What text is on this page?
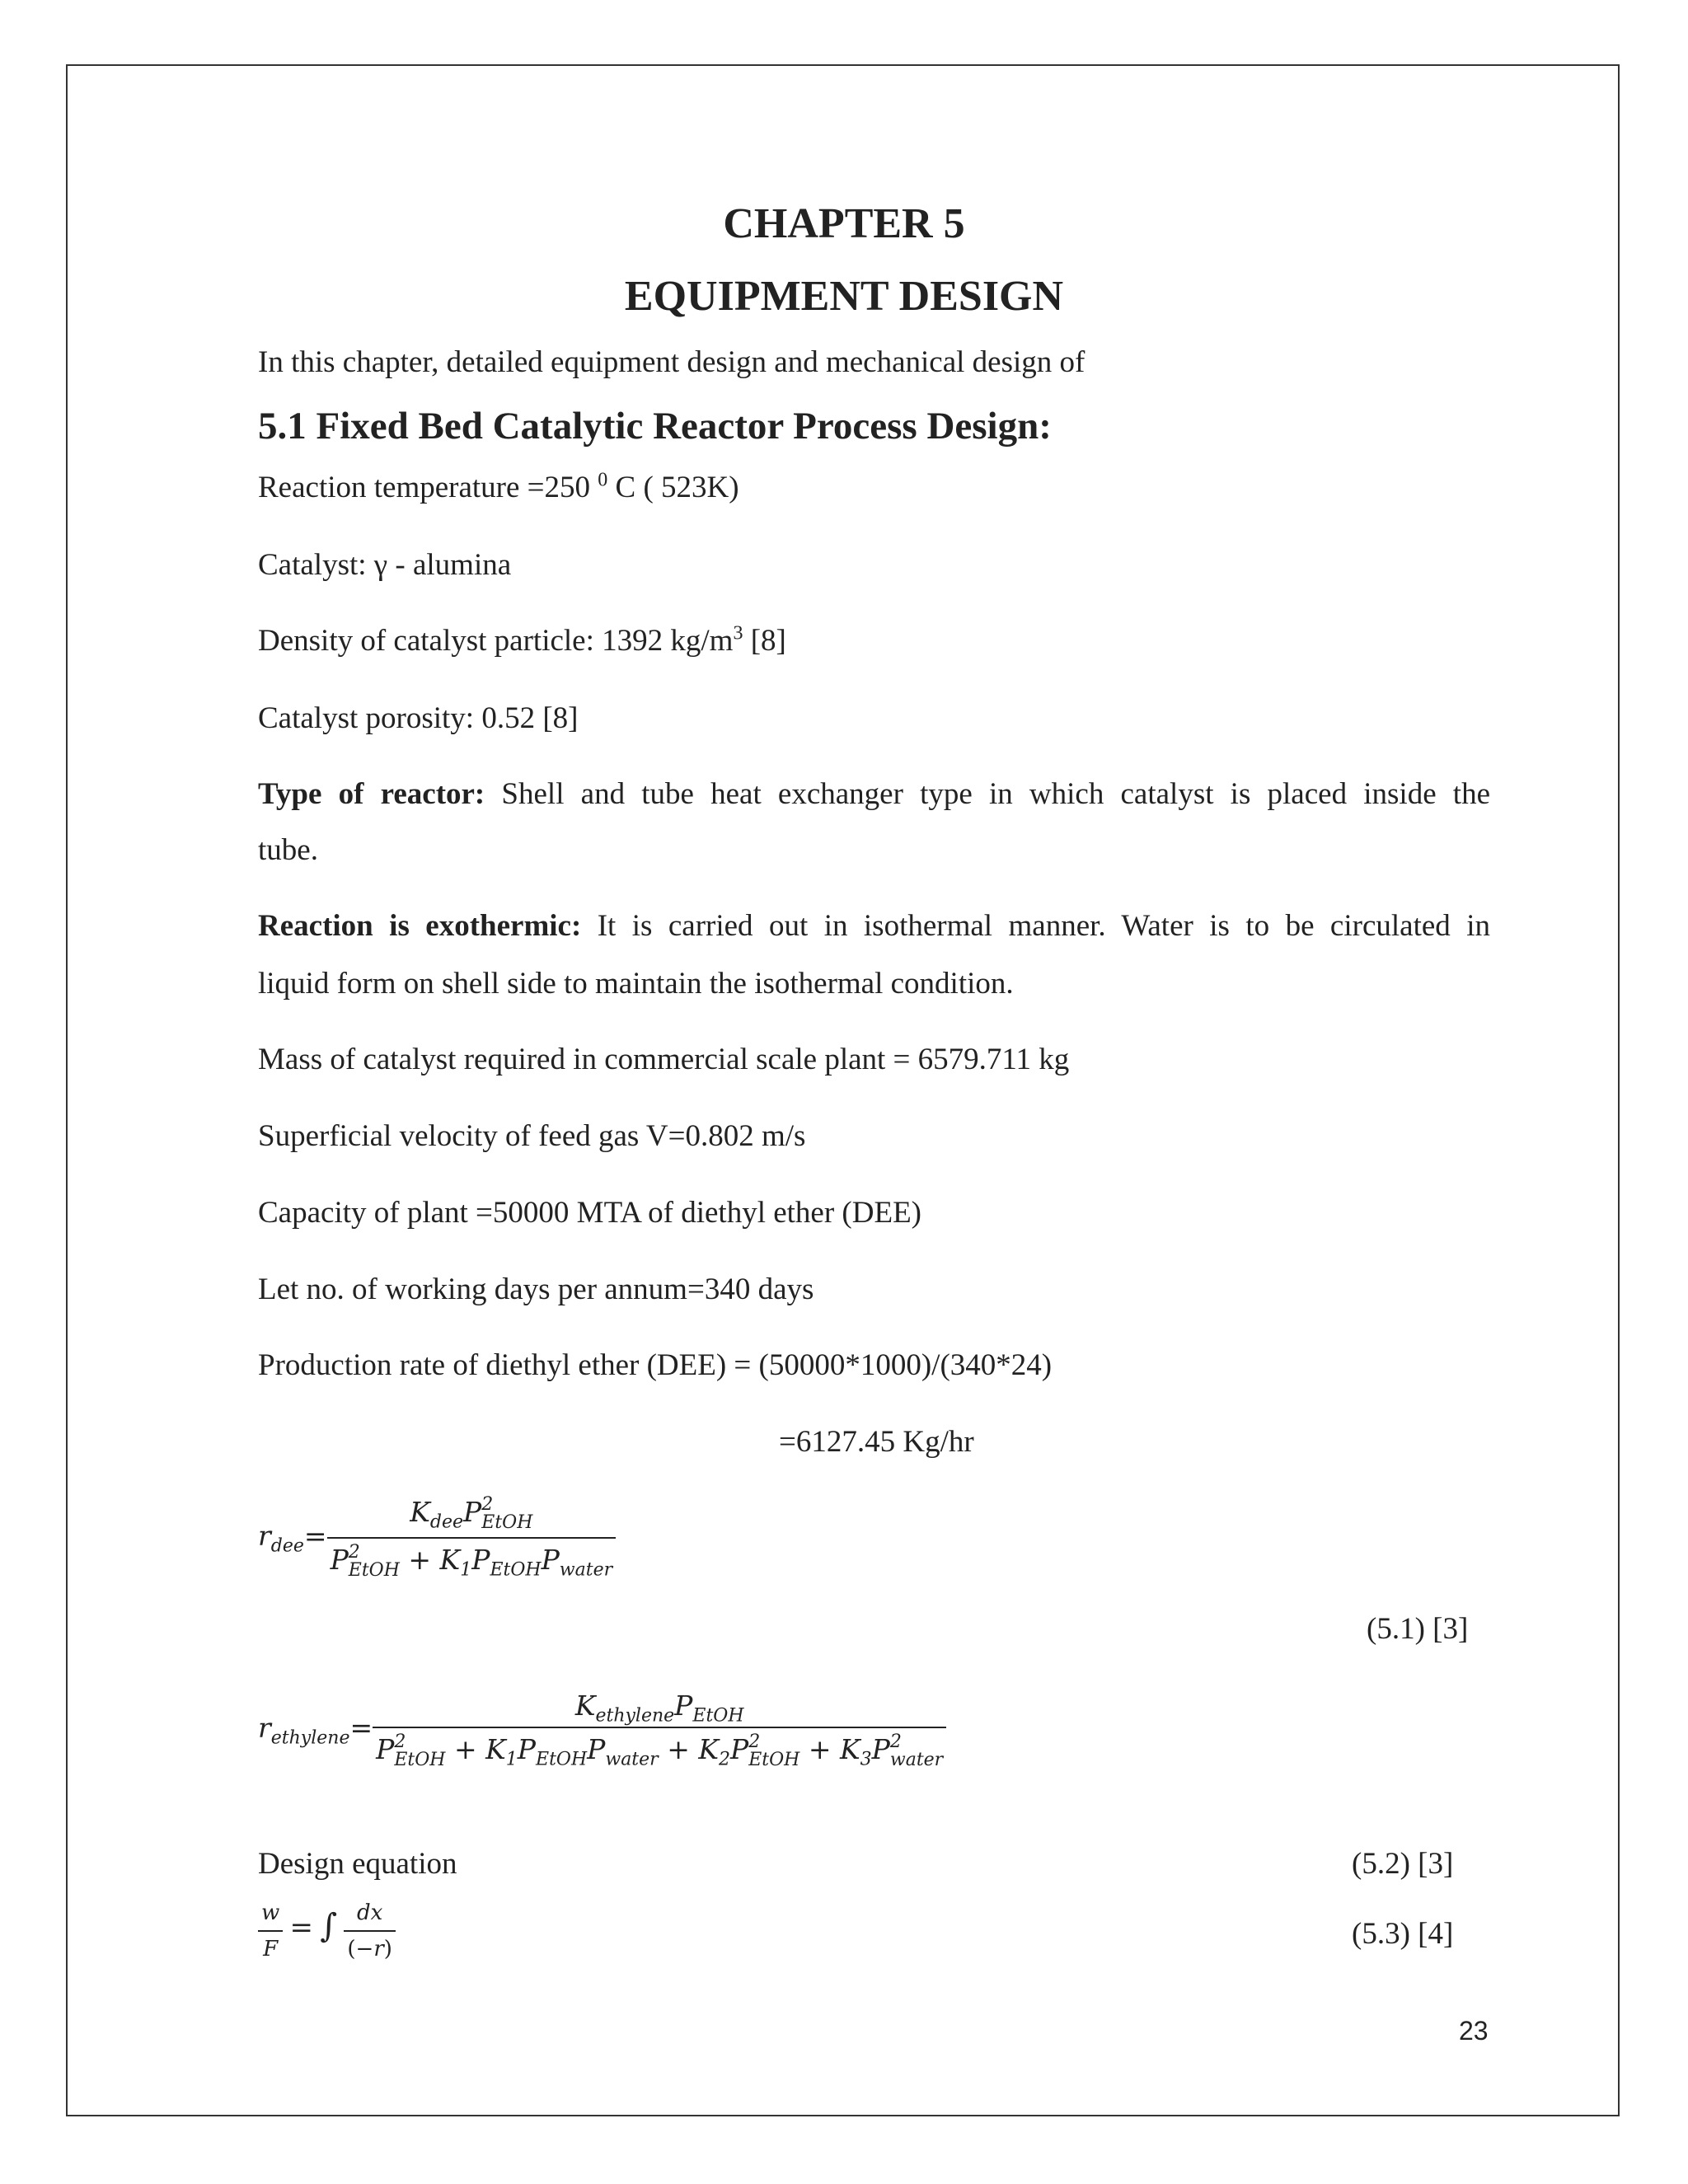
CHAPTER 5
EQUIPMENT DESIGN
In this chapter, detailed equipment design and mechanical design of
5.1 Fixed Bed Catalytic Reactor Process Design:
Reaction temperature =250 $^0$ C ( 523K)
Catalyst: γ - alumina
Density of catalyst particle: 1392 $kg/m^3$ [8]
Catalyst porosity: 0.52 [8]
Type of reactor: Shell and tube heat exchanger type in which catalyst is placed inside the
tube.
Reaction is exothermic: It is carried out in isothermal manner. Water is to be circulated in
liquid form on shell side to maintain the isothermal condition.
Mass of catalyst required in commercial scale plant = 6579.711 kg
Superficial velocity of feed gas V=0.802 m/s
Capacity of plant =50000 MTA of diethyl ether (DEE)
Let no. of working days per annum=340 days
Production rate of diethyl ether (DEE) = (50000*1000)/(340*24)
=6127.45 Kg/hr
$r_{dee}= K_{dee}P$ 2
EtOH
P 2
EtOH + $K_1P_{EtOH}P_{water}$
(5.1) [3]
$r_{ethylene}= K_{ethylene}P_{EtOH}$
P 2
EtOH + $K_1P_{EtOH}P_{water} + K_2P$ 2
EtOH + $K_3P$ 2
water
Design equation	(5.2) [3]
$\frac{w}{F}$ = ∫ $\frac{dx}{(-r)}$	(5.3) [4]
23
